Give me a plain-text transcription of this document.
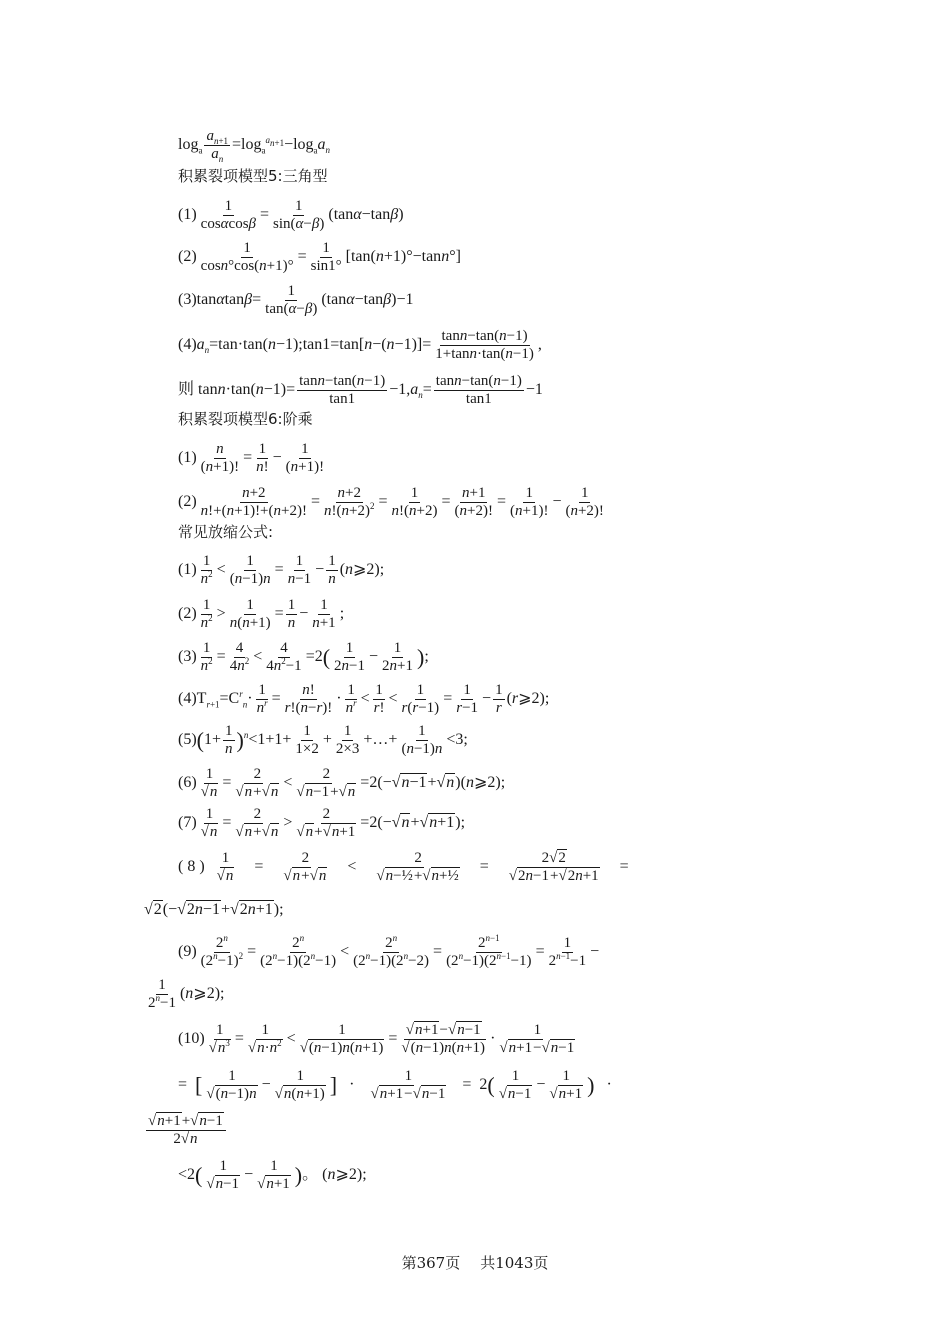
$\log_a \frac{a_{n+1}}{a_n} =\log_a^{a_{n+1}}-\log_aa_n$
积累裂项模型5:三角型
$(1) \frac{1}{\cos\alpha\cos\beta} = \frac{1}{\sin(\alpha-\beta)} (\tan\alpha-\tan\beta)$
$(2) \frac{1}{\cos n^\circ\cos(n+1)^\circ} = \frac{1}{\sin 1^\circ} [\tan(n+1)^\circ-\tan n^\circ]$
$(3)\tan\alpha\tan\beta= \frac{1}{\tan(\alpha-\beta)} (\tan\alpha-\tan\beta)-1$
$(4)a_n=\tan\cdot\tan(n-1);\tan 1=\tan[n-(n-1)]= \frac{\tan n-\tan(n-1)}{1+\tan n\cdot\tan(n-1)}$ ,
则 $\tan n\cdot\tan(n-1)= \frac{\tan n-\tan(n-1)}{\tan 1} -1,a_n= \frac{\tan n-\tan(n-1)}{\tan 1} -1$
积累裂项模型6:阶乘
$(1) \frac{n}{(n+1)!} = \frac{1}{n!} - \frac{1}{(n+1)!}$
$(2) \frac{n+2}{n!+(n+1)!+(n+2)!} = \frac{n+2}{n!(n+2)^2} = \frac{1}{n!(n+2)} = \frac{n+1}{(n+2)!} = \frac{1}{(n+1)!} - \frac{1}{(n+2)!}$
常见放缩公式:
$(1) \frac{1}{n^2} < \frac{1}{(n-1)n} = \frac{1}{n-1} - \frac{1}{n}$ (n⩾2);
$(2) \frac{1}{n^2} > \frac{1}{n(n+1)} = \frac{1}{n} - \frac{1}{n+1}$ ;
$(3) \frac{1}{n^2} = \frac{4}{4n^2} < \frac{4}{4n^2-1} =2( \frac{1}{2n-1} - \frac{1}{2n+1}$ );
$(4)T_{r+1}=C^r_n\cdot \frac{1}{n^r} = \frac{n!}{r!(n-r)!} \cdot \frac{1}{n^r} < \frac{1}{r!} < \frac{1}{r(r-1)} = \frac{1}{r-1} - \frac{1}{r}$ (r⩾2);
$(5)(1+ \frac{1}{n} )^n<1+1+ \frac{1}{1\times 2} + \frac{1}{2\times 3}$ +…+ $\frac{1}{(n-1)n} <3$;
$(6) \frac{1}{√n} = \frac{2}{√n+√n} < \frac{2}{√n-1+√n}$ =2(−√n−1+√n)(n⩾2);
$(7) \frac{1}{√n} = \frac{2}{√n+√n} > \frac{2}{√n+√n+1} =2(-√n+√n+1)$;
( 8 ) $\frac{1}{√n} = \frac{2}{√n+√n} < \frac{2}{\text{√n−½+√n+½}} = \frac{2√2}{√2n-1+√2n+1}$ =
√2(−√2n−1+√2n+1);
$(9) \frac{2^n}{(2^n-1)^2} = \frac{2^n}{(2^n-1)(2^n-1)} < \frac{2^n}{(2^n-1)(2^n-2)} = \frac{2^{n-1}}{(2^n-1)(2^{n-1}-1)} = \frac{1}{2^{n-1}-1}$ −
$\frac{1}{2^n-1}$ (n⩾2);
$(10) \frac{1}{√n^3} = \frac{1}{√n\cdot n^2} < \frac{1}{√(n-1)n(n+1)} = \frac{√n+1-√n-1}{√(n-1)n(n+1)} \cdot \frac{1}{√n+1-√n-1}$
=  [ $\frac{1}{√(n-1)n} - \frac{1}{√n(n+1)}$ ]   · $\frac{1}{√n+1-√n-1} = 2( \frac{1}{√n-1} - \frac{1}{√n+1}$ )   ·
$\frac{√n+1+√n-1}{2√n}$
$<2( \frac{1}{√n-1} - \frac{1}{√n+1}$ )。 (n⩾2);
第367页 共1043页
